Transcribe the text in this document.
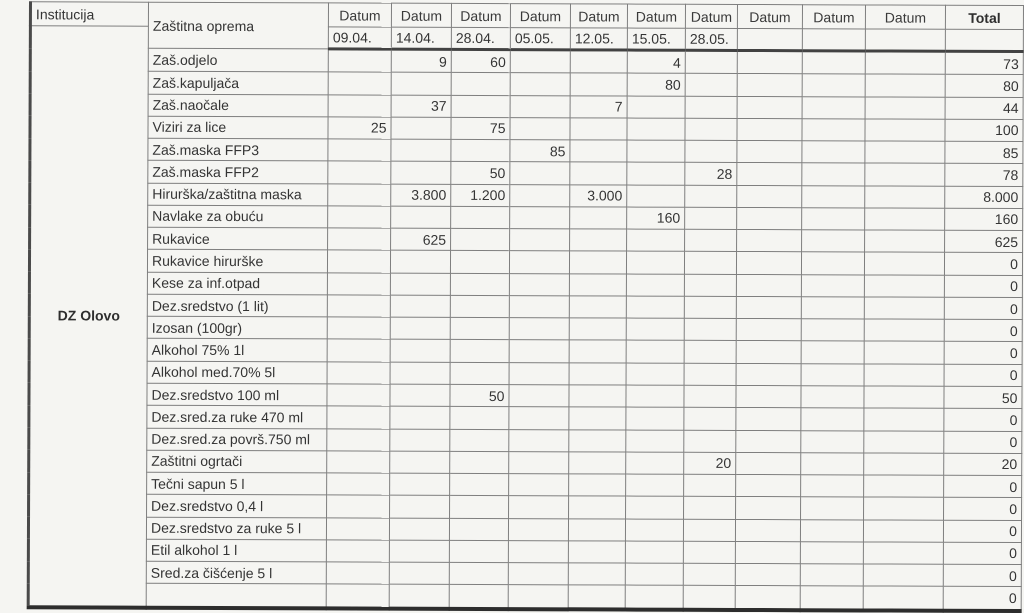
Institucija	Zaštitna oprema	Datum	Datum	Datum	Datum	Datum	Datum	Datum	Datum	Datum	Datum	Total
DZ Olovo		09.04.	14.04.	28.04.	05.05.	12.05.	15.05.	28.05.				
	Zaš.odjelo		9	60			4					73
	Zaš.kapuljača						80					80
	Zaš.naočale		37			7						44
	Viziri za lice	25		75								100
	Zaš.maska FFP3				85							85
	Zaš.maska FFP2			50				28				78
	Hirurška/zaštitna maska		3.800	1.200		3.000						8.000
	Navlake za obuću						160					160
	Rukavice		625									625
	Rukavice hirurške											0
	Kese za inf.otpad											0
	Dez.sredstvo (1 lit)											0
	Izosan (100gr)											0
	Alkohol 75% 1l											0
	Alkohol med.70% 5l											0
	Dez.sredstvo 100 ml			50								50
	Dez.sred.za ruke 470 ml											0
	Dez.sred.za površ.750 ml											0
	Zaštitni ogrtači							20				20
	Tečni sapun 5 l											0
	Dez.sredstvo 0,4 l											0
	Dez.sredstvo za ruke 5 l											0
	Etil alkohol 1 l											0
	Sred.za čišćenje 5 l											0
												0
